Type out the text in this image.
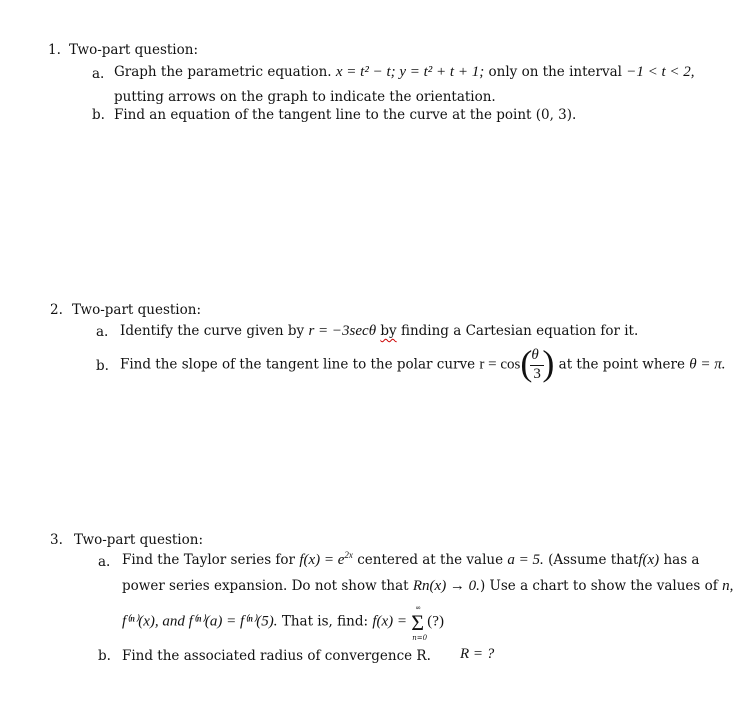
1. Two-part question:
a. Graph the parametric equation. x = t² − t; y = t² + t + 1; only on the interval −1 < t < 2,
putting arrows on the graph to indicate the orientation.
b. Find an equation of the tangent line to the curve at the point (0, 3).
2. Two-part question:
a. Identify the curve given by r = −3secθ by finding a Cartesian equation for it.
b. Find the slope of the tangent line to the polar curve r = cos ( θ
3 ) at the point where θ = π.
3. Two-part question:
a. Find the Taylor series for $f(x) = e^{2x}$ centered at the value a = 5. (Assume thatf(x) has a
power series expansion. Do not show that Rn(x) → 0.) Use a chart to show the values of n,
f⁽ⁿ⁾(x), and f⁽ⁿ⁾(a) = f⁽ⁿ⁾(5). That is, find: f(x) =
∞
Σ
n=0
(?)
b. Find the associated radius of convergence R. R = ?
